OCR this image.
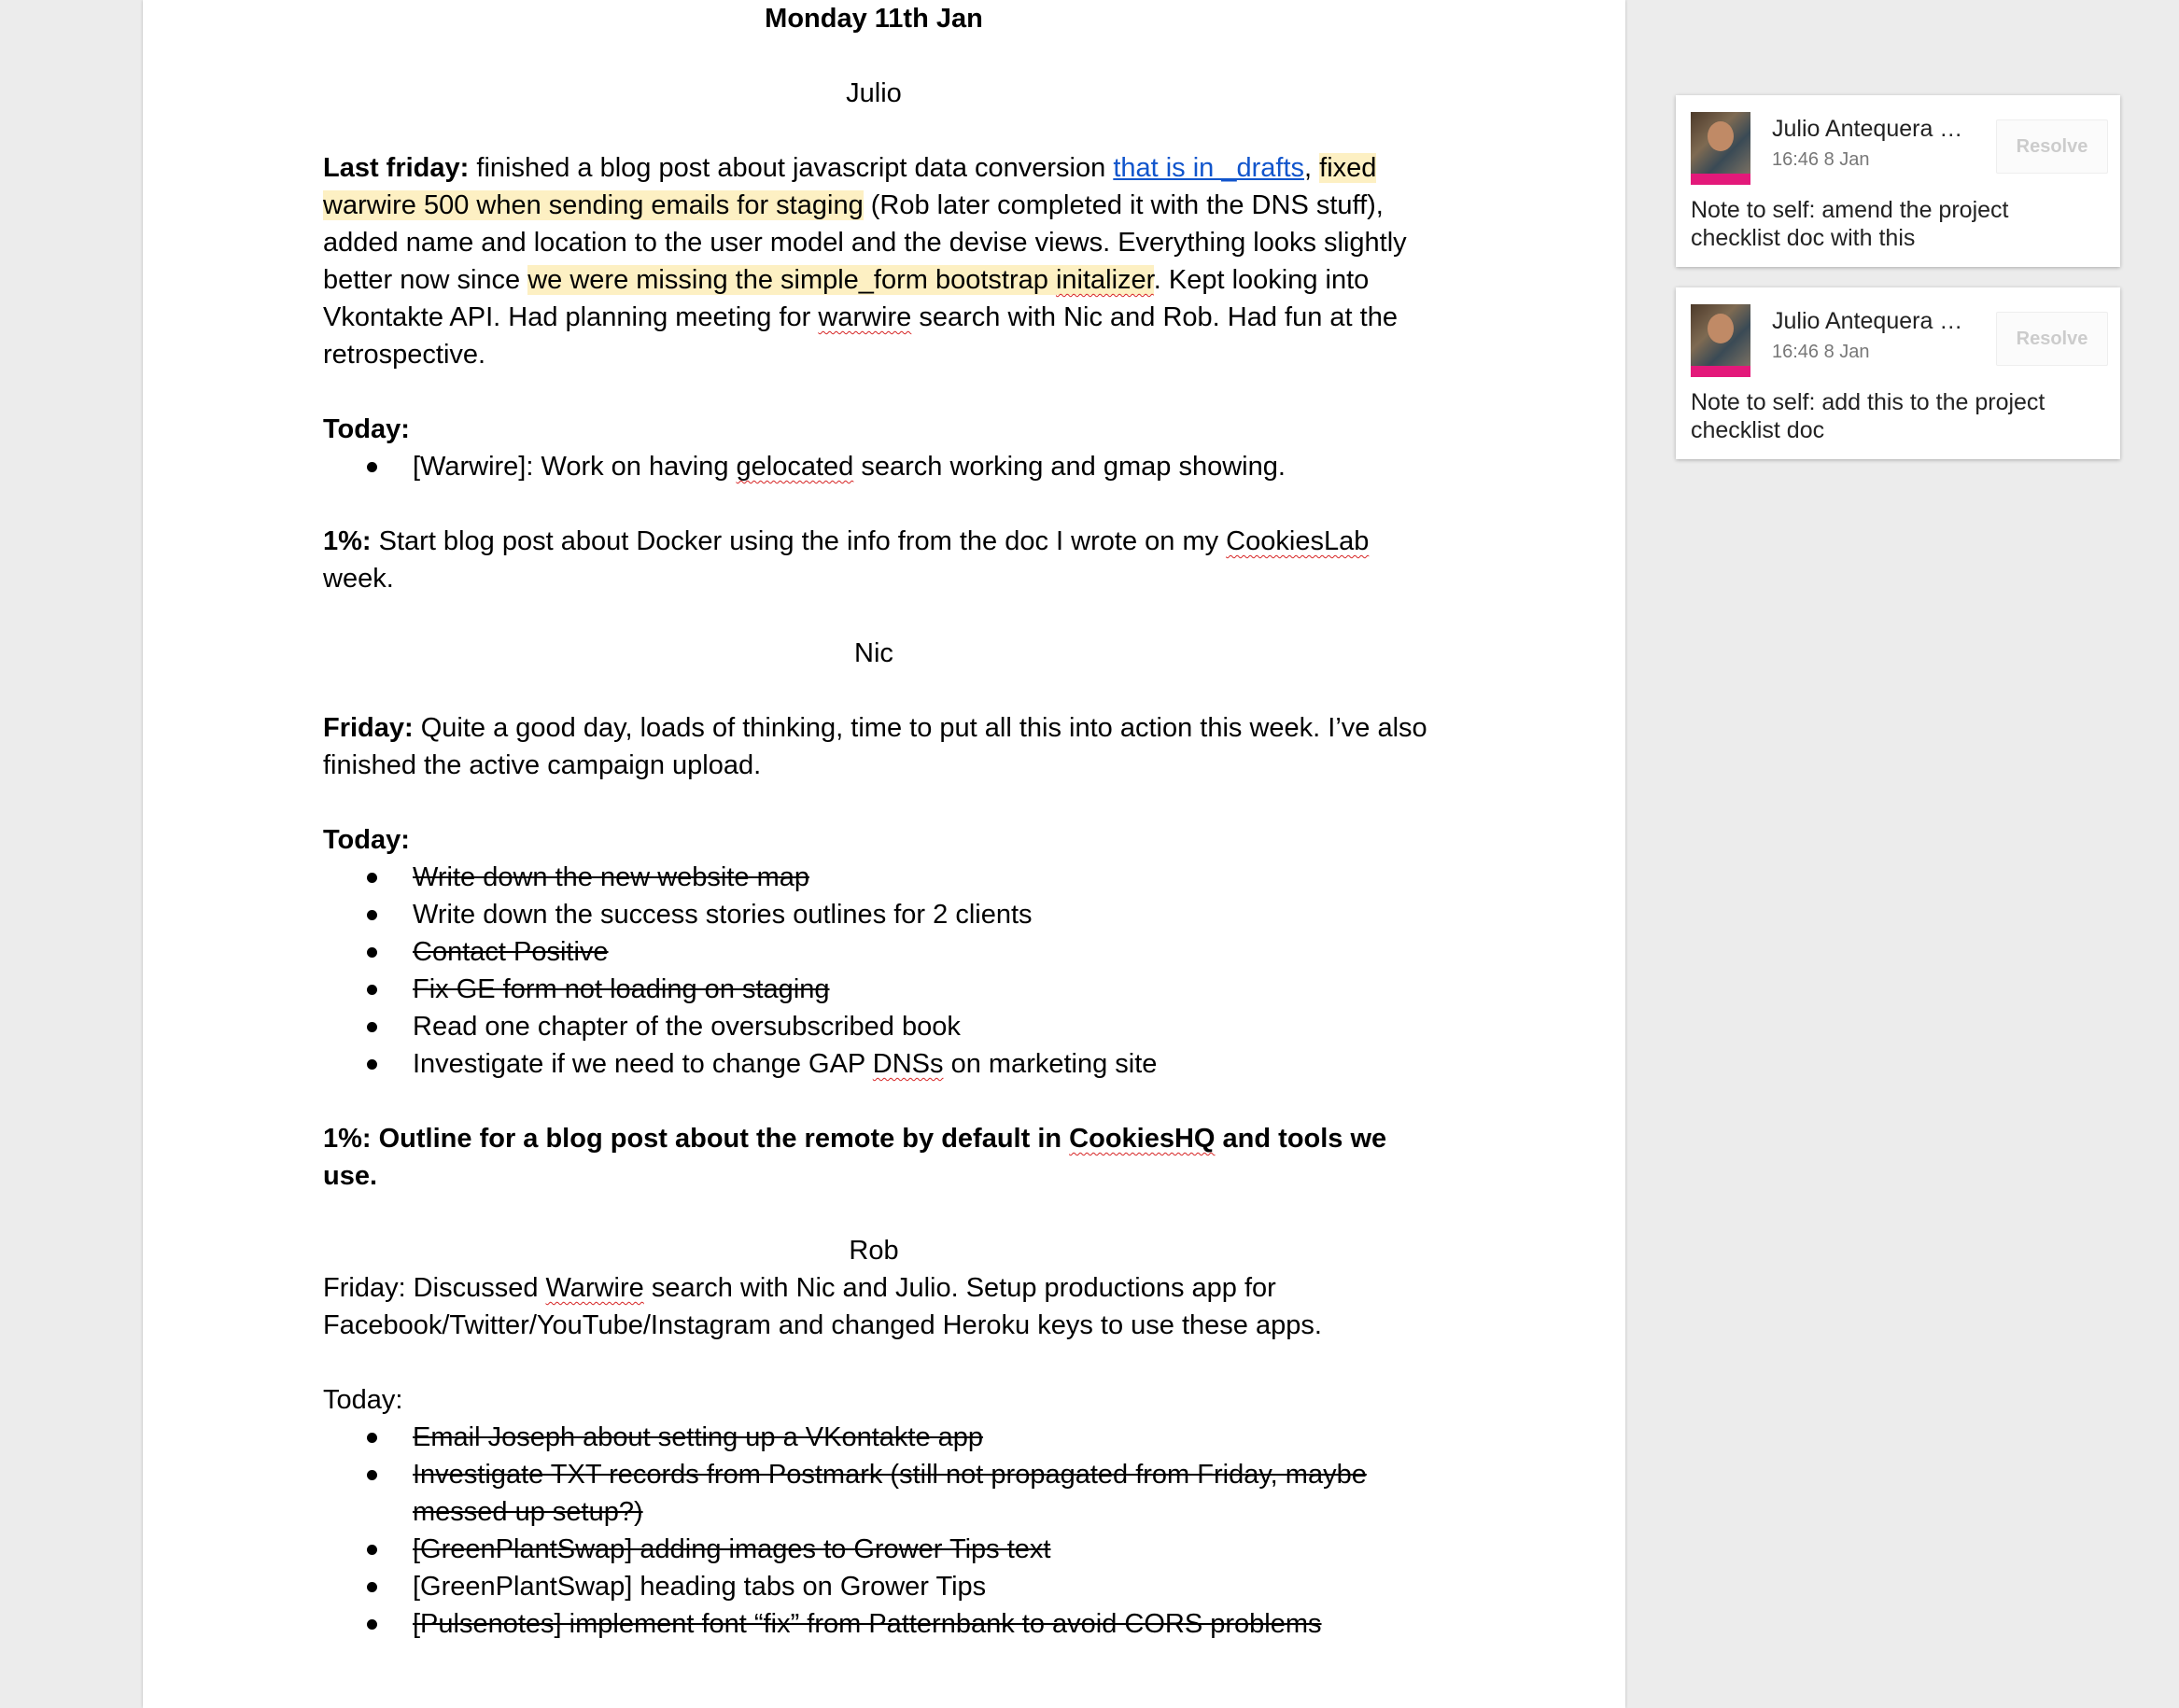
Monday 11th Jan
Julio
Last friday: finished a blog post about javascript data conversion that is in _drafts, fixed
warwire 500 when sending emails for staging (Rob later completed it with the DNS stuff),
added name and location to the user model and the devise views. Everything looks slightly
better now since we were missing the simple_form bootstrap initalizer. Kept looking into
Vkontakte API. Had planning meeting for warwire search with Nic and Rob. Had fun at the
retrospective.
Today:
[Warwire]: Work on having gelocated search working and gmap showing.
1%: Start blog post about Docker using the info from the doc I wrote on my CookiesLab
week.
Nic
Friday: Quite a good day, loads of thinking, time to put all this into action this week. I’ve also
finished the active campaign upload.
Today:
Write down the new website map
Write down the success stories outlines for 2 clients
Contact Positive
Fix GE form not loading on staging
Read one chapter of the oversubscribed book
Investigate if we need to change GAP DNSs on marketing site
1%: Outline for a blog post about the remote by default in CookiesHQ and tools we
use.
Rob
Friday: Discussed Warwire search with Nic and Julio. Setup productions app for
Facebook/Twitter/YouTube/Instagram and changed Heroku keys to use these apps.
Today:
Email Joseph about setting up a VKontakte app
Investigate TXT records from Postmark (still not propagated from Friday, maybe
messed up setup?)
[GreenPlantSwap] adding images to Grower Tips text
[GreenPlantSwap] heading tabs on Grower Tips
[Pulsenotes] implement font “fix” from Patternbank to avoid CORS problems
Julio Antequera …
16:46 8 Jan
Resolve
Note to self: amend the project checklist doc with this
Julio Antequera …
16:46 8 Jan
Resolve
Note to self: add this to the project checklist doc
